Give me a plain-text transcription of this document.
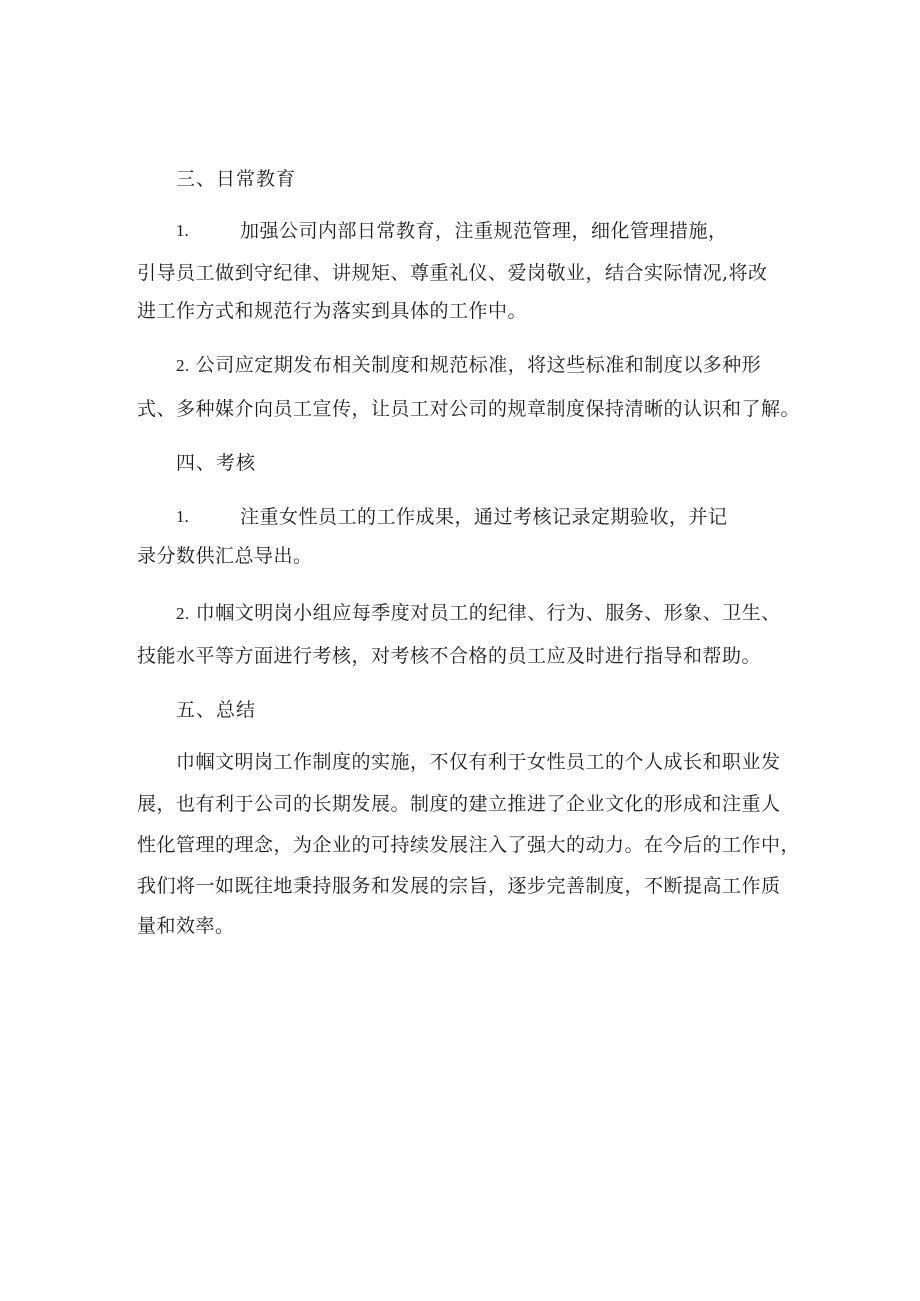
三、日常教育
1.	加强公司内部日常教育，注重规范管理，细化管理措施，
引导员工做到守纪律、讲规矩、尊重礼仪、爱岗敬业，结合实际情况,将改
进工作方式和规范行为落实到具体的工作中。
2. 公司应定期发布相关制度和规范标准，将这些标准和制度以多种形
式、多种媒介向员工宣传，让员工对公司的规章制度保持清晰的认识和了解。
四、考核
1.	注重女性员工的工作成果，通过考核记录定期验收，并记
录分数供汇总导出。
2. 巾帼文明岗小组应每季度对员工的纪律、行为、服务、形象、卫生、
技能水平等方面进行考核，对考核不合格的员工应及时进行指导和帮助。
五、总结
巾帼文明岗工作制度的实施，不仅有利于女性员工的个人成长和职业发
展，也有利于公司的长期发展。制度的建立推进了企业文化的形成和注重人
性化管理的理念，为企业的可持续发展注入了强大的动力。在今后的工作中，
我们将一如既往地秉持服务和发展的宗旨，逐步完善制度，不断提高工作质
量和效率。
